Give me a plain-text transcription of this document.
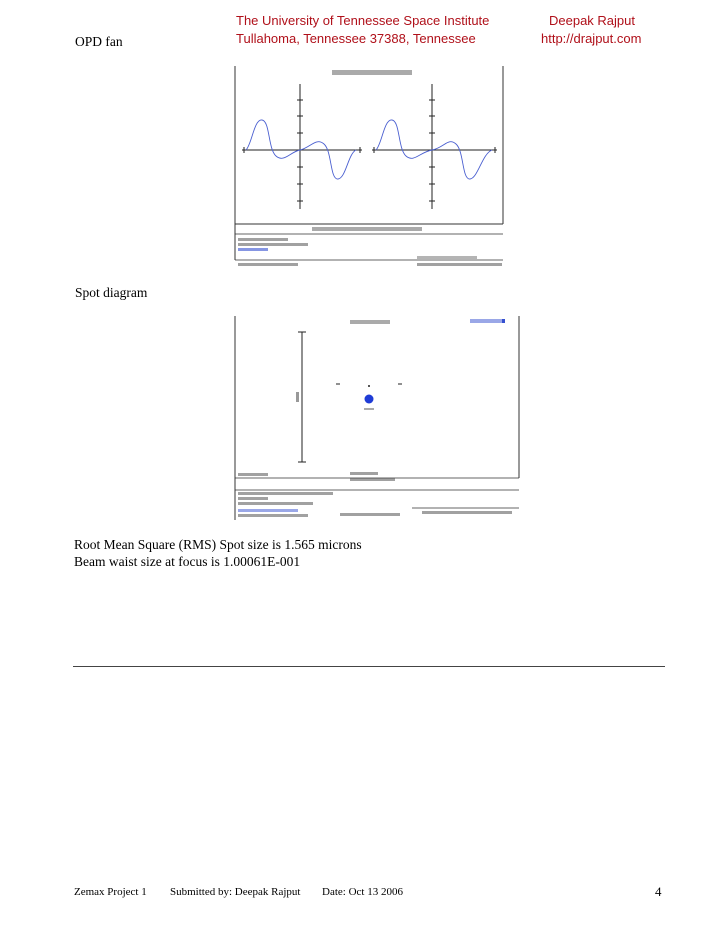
The University of Tennessee Space Institute
Tullahoma, Tennessee 37388, Tennessee
Deepak Rajput
http://drajput.com
OPD fan
Spot diagram
Root Mean Square (RMS) Spot size is 1.565 microns
Beam waist size at focus is 1.00061E-001
Zemax Project 1 Submitted by: Deepak Rajput Date: Oct 13 2006	4
